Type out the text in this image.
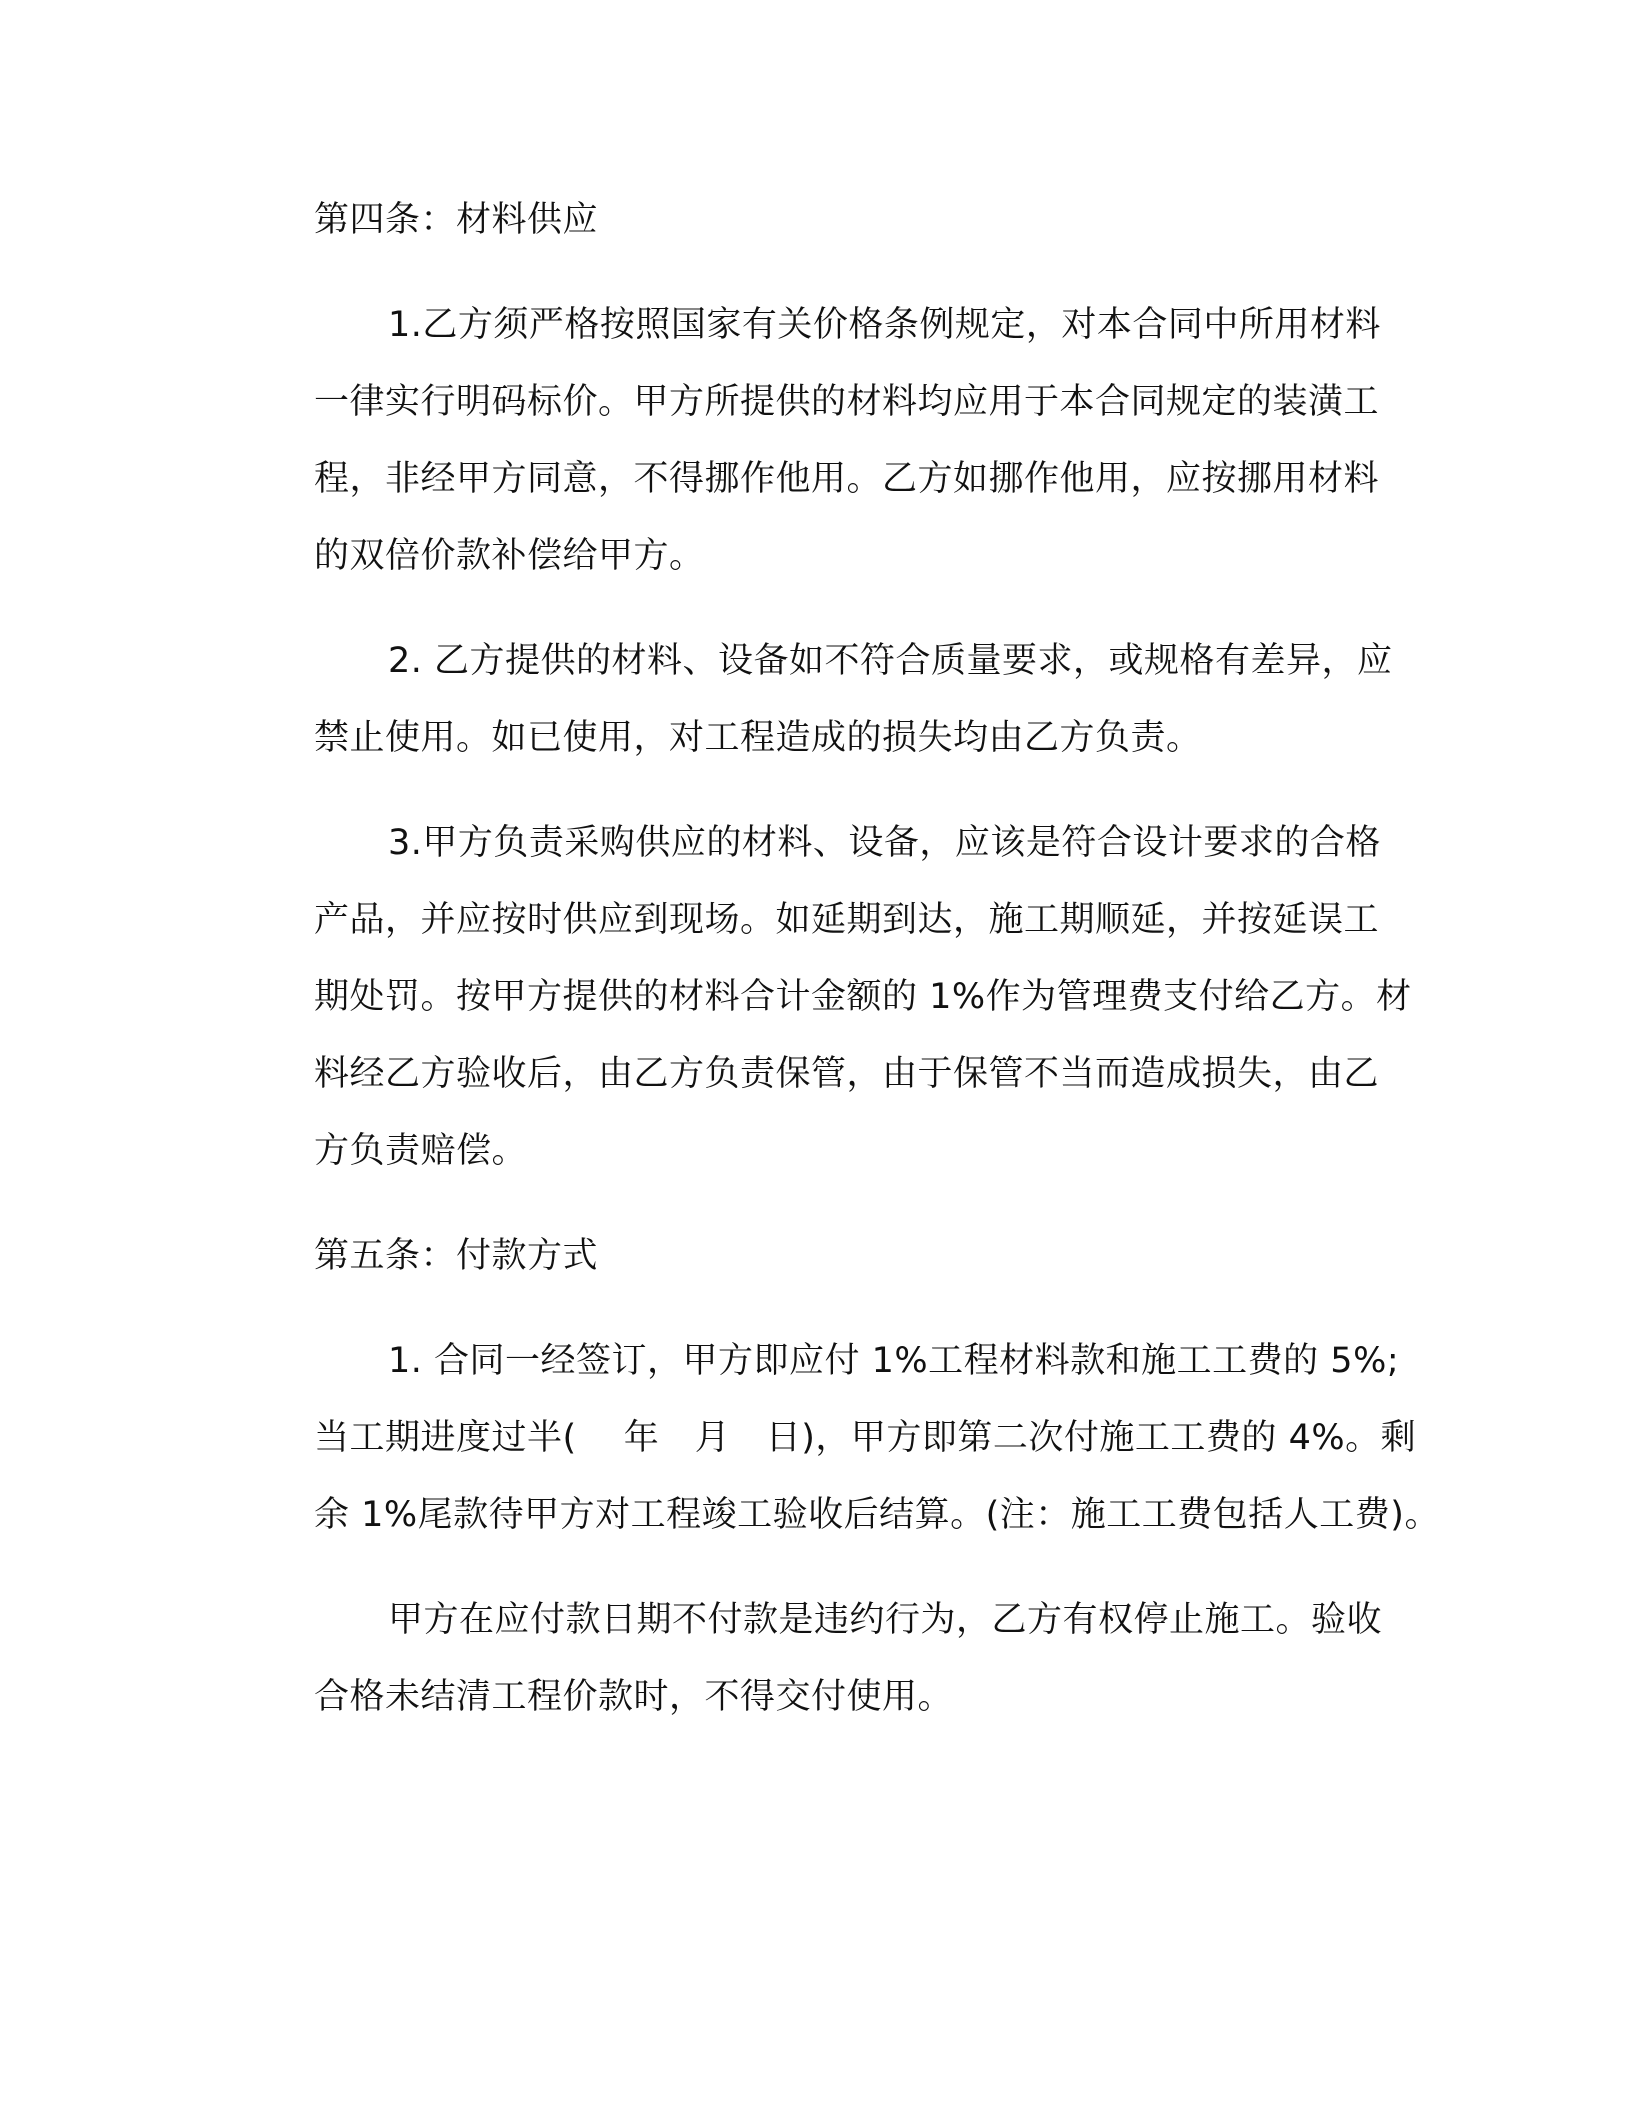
第四条：材料供应
1.乙方须严格按照国家有关价格条例规定，对本合同中所用材料
一律实行明码标价。甲方所提供的材料均应用于本合同规定的装潢工
程，非经甲方同意，不得挪作他用。乙方如挪作他用，应按挪用材料
的双倍价款补偿给甲方。
2. 乙方提供的材料、设备如不符合质量要求，或规格有差异，应
禁止使用。如已使用，对工程造成的损失均由乙方负责。
3.甲方负责采购供应的材料、设备，应该是符合设计要求的合格
产品，并应按时供应到现场。如延期到达，施工期顺延，并按延误工
期处罚。按甲方提供的材料合计金额的 1%作为管理费支付给乙方。材
料经乙方验收后，由乙方负责保管，由于保管不当而造成损失，由乙
方负责赔偿。
第五条：付款方式
1. 合同一经签订，甲方即应付 1%工程材料款和施工工费的 5%;
当工期进度过半(　 年　月　日)，甲方即第二次付施工工费的 4%。剩
余 1%尾款待甲方对工程竣工验收后结算。(注：施工工费包括人工费)。
甲方在应付款日期不付款是违约行为，乙方有权停止施工。验收
合格未结清工程价款时，不得交付使用。
